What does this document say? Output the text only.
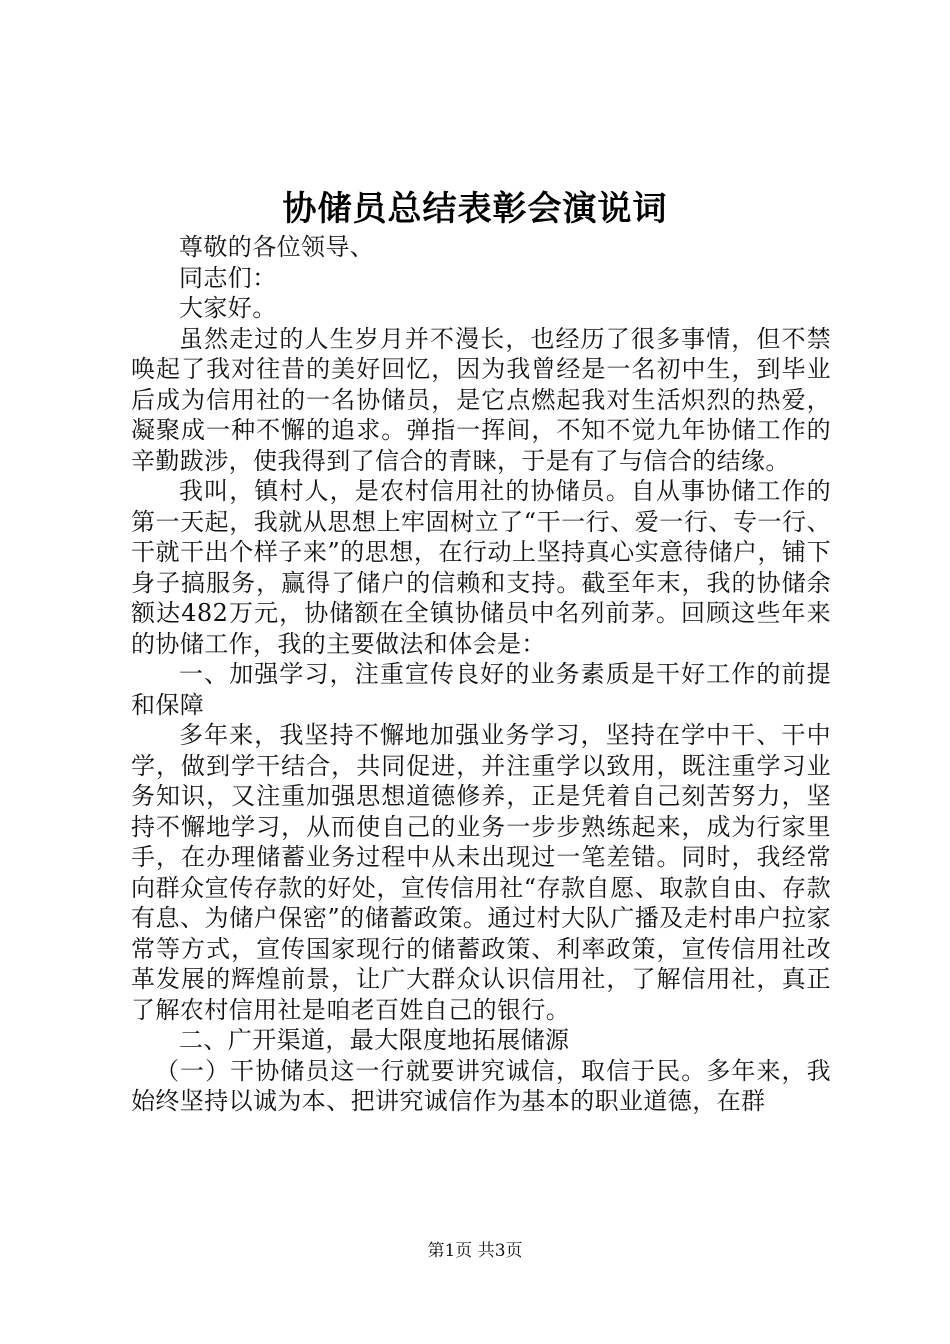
协储员总结表彰会演说词

尊敬的各位领导、

同志们：

大家好。

虽然走过的人生岁月并不漫长，也经历了很多事情，但不禁唤起了我对往昔的美好回忆，因为我曾经是一名初中生，到毕业后成为信用社的一名协储员，是它点燃起我对生活炽烈的热爱，凝聚成一种不懈的追求。弹指一挥间，不知不觉九年协储工作的辛勤跋涉，使我得到了信合的青睐，于是有了与信合的结缘。

我叫，镇村人，是农村信用社的协储员。自从事协储工作的第一天起，我就从思想上牢固树立了“干一行、爱一行、专一行、干就干出个样子来”的思想，在行动上坚持真心实意待储户，铺下身子搞服务，赢得了储户的信赖和支持。截至年末，我的协储余额达482万元，协储额在全镇协储员中名列前茅。回顾这些年来的协储工作，我的主要做法和体会是：

一、加强学习，注重宣传良好的业务素质是干好工作的前提和保障

多年来，我坚持不懈地加强业务学习，坚持在学中干、干中学，做到学干结合，共同促进，并注重学以致用，既注重学习业务知识，又注重加强思想道德修养，正是凭着自己刻苦努力，坚持不懈地学习，从而使自己的业务一步步熟练起来，成为行家里手，在办理储蓄业务过程中从未出现过一笔差错。同时，我经常向群众宣传存款的好处，宣传信用社“存款自愿、取款自由、存款有息、为储户保密”的储蓄政策。通过村大队广播及走村串户拉家常等方式，宣传国家现行的储蓄政策、利率政策，宣传信用社改革发展的辉煌前景，让广大群众认识信用社，了解信用社，真正了解农村信用社是咱老百姓自己的银行。

二、广开渠道，最大限度地拓展储源

（一）干协储员这一行就要讲究诚信，取信于民。多年来，我始终坚持以诚为本、把讲究诚信作为基本的职业道德，在群

第1页 共3页
